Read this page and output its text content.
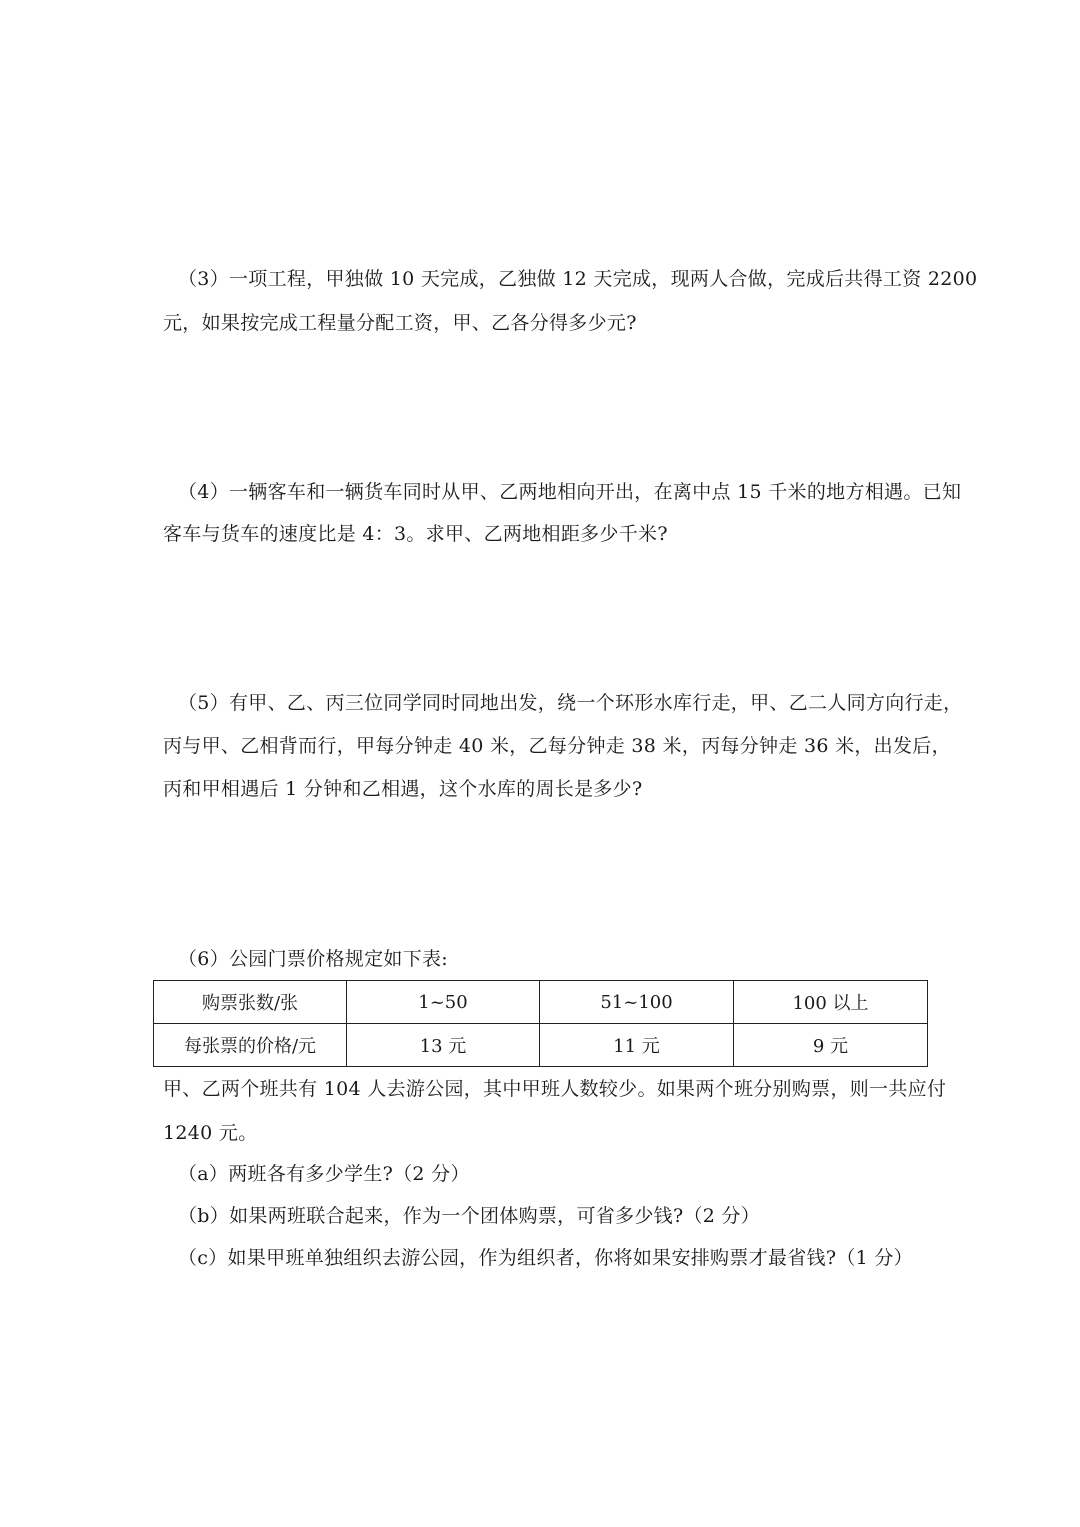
（3）一项工程，甲独做 10 天完成，乙独做 12 天完成，现两人合做，完成后共得工资 2200
元，如果按完成工程量分配工资，甲、乙各分得多少元?
（4）一辆客车和一辆货车同时从甲、乙两地相向开出，在离中点 15 千米的地方相遇。已知
客车与货车的速度比是 4：3。求甲、乙两地相距多少千米?
（5）有甲、乙、丙三位同学同时同地出发，绕一个环形水库行走，甲、乙二人同方向行走，
丙与甲、乙相背而行，甲每分钟走 40 米，乙每分钟走 38 米，丙每分钟走 36 米，出发后，
丙和甲相遇后 1 分钟和乙相遇，这个水库的周长是多少?
（6）公园门票价格规定如下表:
购票张数/张	1~50	51~100	100 以上
每张票的价格/元	13 元	11 元	9 元
甲、乙两个班共有 104 人去游公园，其中甲班人数较少。如果两个班分别购票，则一共应付
1240 元。
（a）两班各有多少学生?（2 分）
（b）如果两班联合起来，作为一个团体购票，可省多少钱?（2 分）
（c）如果甲班单独组织去游公园，作为组织者，你将如果安排购票才最省钱?（1 分）
